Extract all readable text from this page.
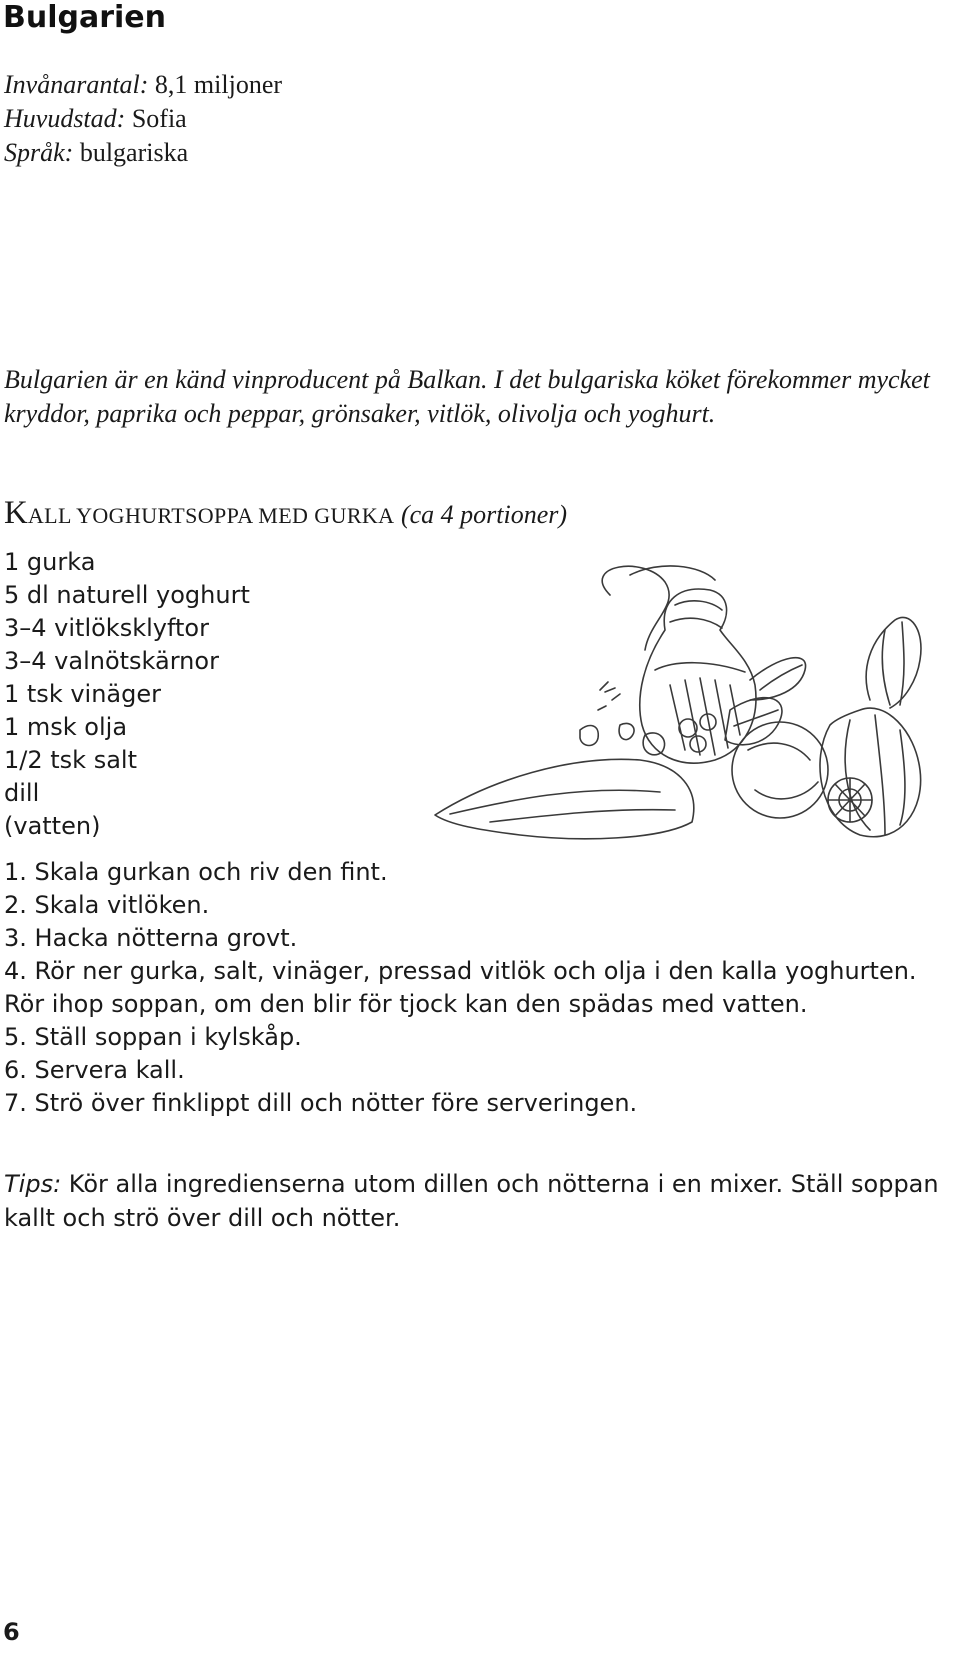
Bulgarien
Invånarantal: 8,1 miljoner
Huvudstad: Sofia
Språk: bulgariska

Bulgarien är en känd vinproducent på Balkan. I det bulgariska köket förekommer mycket kryddor, paprika och peppar, grönsaker, vitlök, olivolja och yoghurt.

KALL YOGHURTSOPPA MED GURKA (ca 4 portioner)
1 gurka
5 dl naturell yoghurt
3–4 vitlöksklyftor
3–4 valnötskärnor
1 tsk vinäger
1 msk olja
1/2 tsk salt
dill
(vatten)
1. Skala gurkan och riv den fint.
2. Skala vitlöken.
3. Hacka nötterna grovt.
4. Rör ner gurka, salt, vinäger, pressad vitlök och olja i den kalla yoghurten. Rör ihop soppan, om den blir för tjock kan den spädas med vatten.
5. Ställ soppan i kylskåp.
6. Servera kall.
7. Strö över finklippt dill och nötter före serveringen.
Tips: Kör alla ingredienserna utom dillen och nötterna i en mixer. Ställ soppan kallt och strö över dill och nötter.
6
